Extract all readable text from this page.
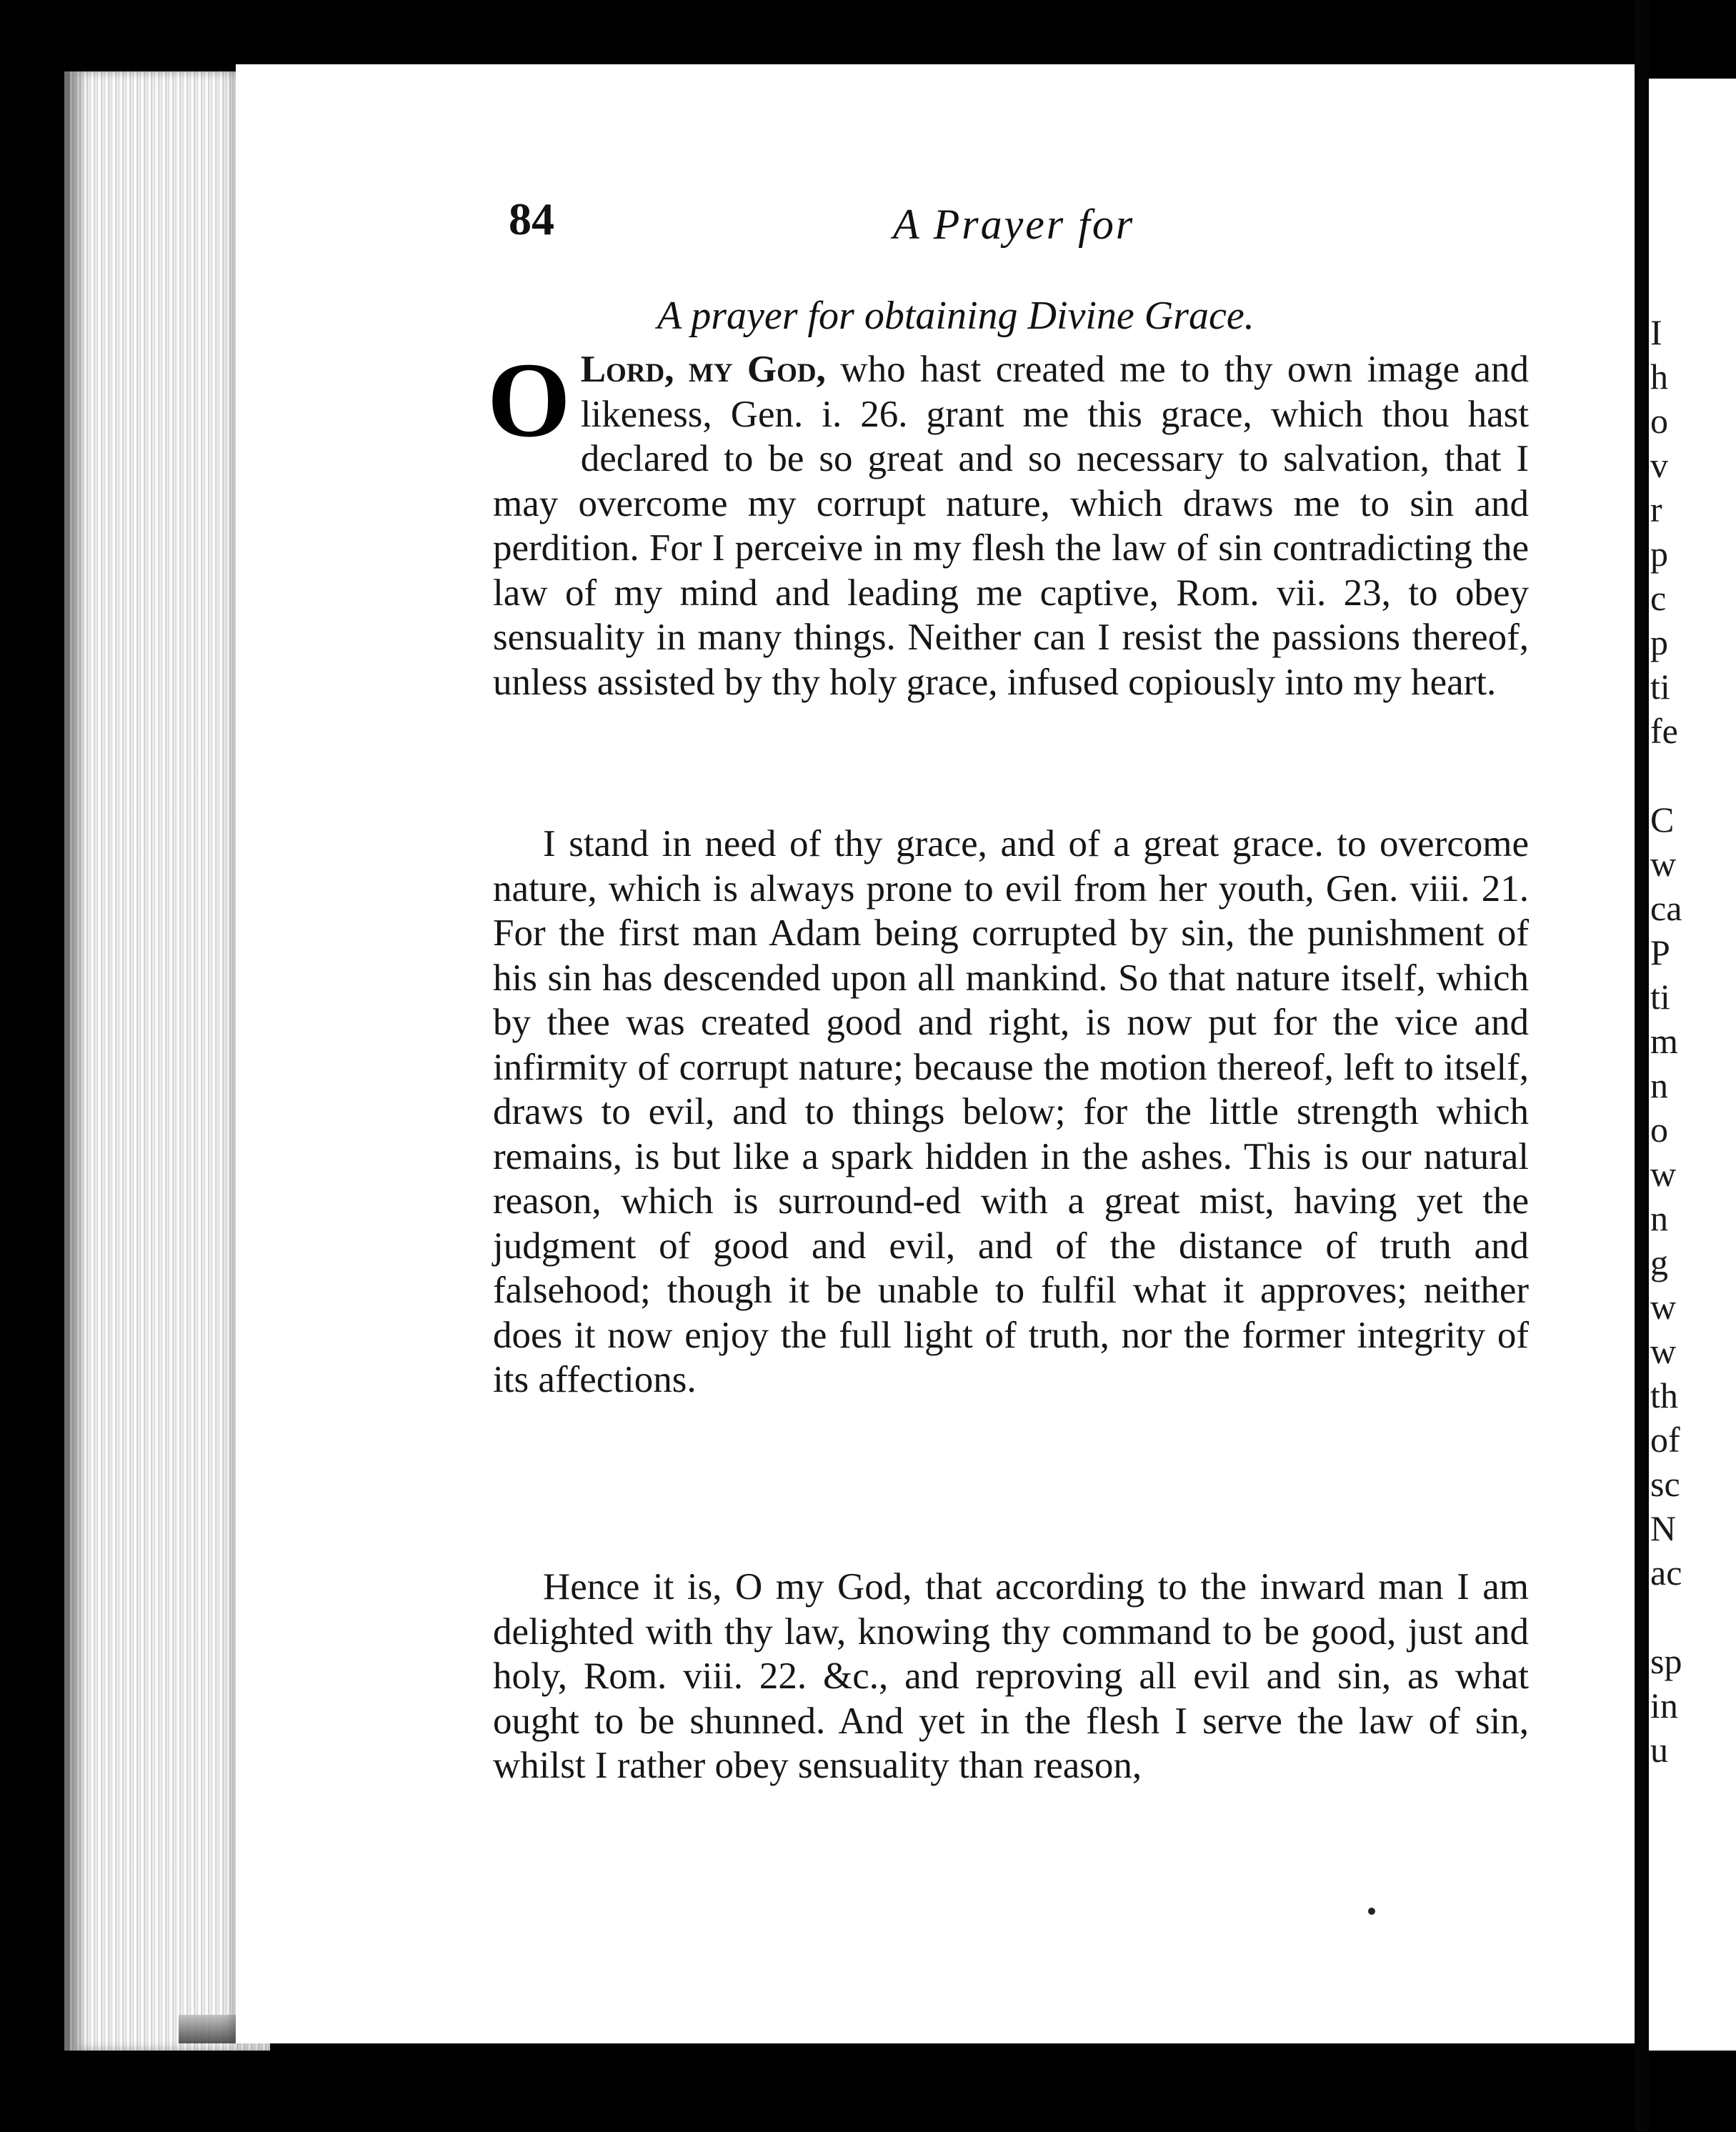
84	A Prayer for
A prayer for obtaining Divine Grace.
O Lord, my God, who hast created me to thy own image and likeness, Gen. i. 26. grant me this grace, which thou hast declared to be so great and so necessary to salvation, that I may overcome my corrupt nature, which draws me to sin and perdition. For I perceive in my flesh the law of sin contradicting the law of my mind and leading me captive, Rom. vii. 23, to obey sensuality in many things. Neither can I resist the passions thereof, unless assisted by thy holy grace, infused copiously into my heart.
I stand in need of thy grace, and of a great grace. to overcome nature, which is always prone to evil from her youth, Gen. viii. 21. For the first man Adam being corrupted by sin, the punishment of his sin has descended upon all mankind. So that nature itself, which by thee was created good and right, is now put for the vice and infirmity of corrupt nature; because the motion thereof, left to itself, draws to evil, and to things below; for the little strength which remains, is but like a spark hidden in the ashes. This is our natural reason, which is surround-ed with a great mist, having yet the judgment of good and evil, and of the distance of truth and falsehood; though it be unable to fulfil what it approves; neither does it now enjoy the full light of truth, nor the former integrity of its affections.
Hence it is, O my God, that according to the inward man I am delighted with thy law, knowing thy command to be good, just and holy, Rom. viii. 22. &c., and reproving all evil and sin, as what ought to be shunned. And yet in the flesh I serve the law of sin, whilst I rather obey sensuality than reason,
I
h
o
v
r
p
c
p
ti
fe
C
w
ca
P
ti
m
n
o
w
n
g
w
w
th
of
sc
N
ac
sp
in
u
